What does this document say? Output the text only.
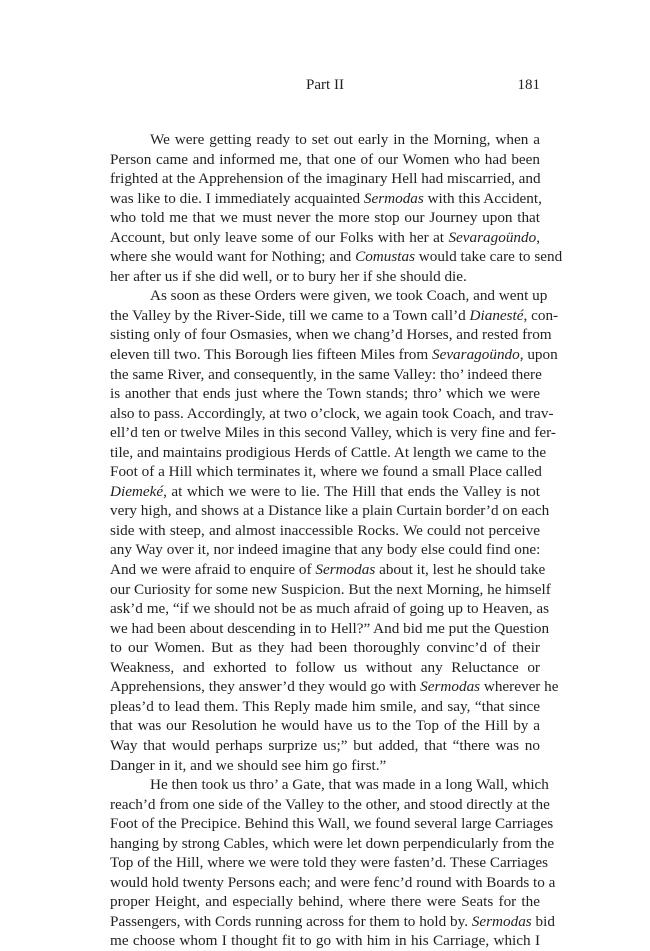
Part II	181
We were getting ready to set out early in the Morning, when a
Person came and informed me, that one of our Women who had been
frighted at the Apprehension of the imaginary Hell had miscarried, and
was like to die. I immediately acquainted Sermodas with this Accident,
who told me that we must never the more stop our Journey upon that
Account, but only leave some of our Folks with her at Sevaragoündo,
where she would want for Nothing; and Comustas would take care to send
her after us if she did well, or to bury her if she should die.
As soon as these Orders were given, we took Coach, and went up
the Valley by the River-Side, till we came to a Town call’d Dianesté, con-
sisting only of four Osmasies, when we chang’d Horses, and rested from
eleven till two. This Borough lies fifteen Miles from Sevaragoündo, upon
the same River, and consequently, in the same Valley: tho’ indeed there
is another that ends just where the Town stands; thro’ which we were
also to pass. Accordingly, at two o’clock, we again took Coach, and trav-
ell’d ten or twelve Miles in this second Valley, which is very fine and fer-
tile, and maintains prodigious Herds of Cattle. At length we came to the
Foot of a Hill which terminates it, where we found a small Place called
Diemeké, at which we were to lie. The Hill that ends the Valley is not
very high, and shows at a Distance like a plain Curtain border’d on each
side with steep, and almost inaccessible Rocks. We could not perceive
any Way over it, nor indeed imagine that any body else could find one:
And we were afraid to enquire of Sermodas about it, lest he should take
our Curiosity for some new Suspicion. But the next Morning, he himself
ask’d me, “if we should not be as much afraid of going up to Heaven, as
we had been about descending in to Hell?” And bid me put the Question
to our Women. But as they had been thoroughly convinc’d of their
Weakness, and exhorted to follow us without any Reluctance or
Apprehensions, they answer’d they would go with Sermodas wherever he
pleas’d to lead them. This Reply made him smile, and say, “that since
that was our Resolution he would have us to the Top of the Hill by a
Way that would perhaps surprize us;” but added, that “there was no
Danger in it, and we should see him go first.”
He then took us thro’ a Gate, that was made in a long Wall, which
reach’d from one side of the Valley to the other, and stood directly at the
Foot of the Precipice. Behind this Wall, we found several large Carriages
hanging by strong Cables, which were let down perpendicularly from the
Top of the Hill, where we were told they were fasten’d. These Carriages
would hold twenty Persons each; and were fenc’d round with Boards to a
proper Height, and especially behind, where there were Seats for the
Passengers, with Cords running across for them to hold by. Sermodas bid
me choose whom I thought fit to go with him in his Carriage, which I
